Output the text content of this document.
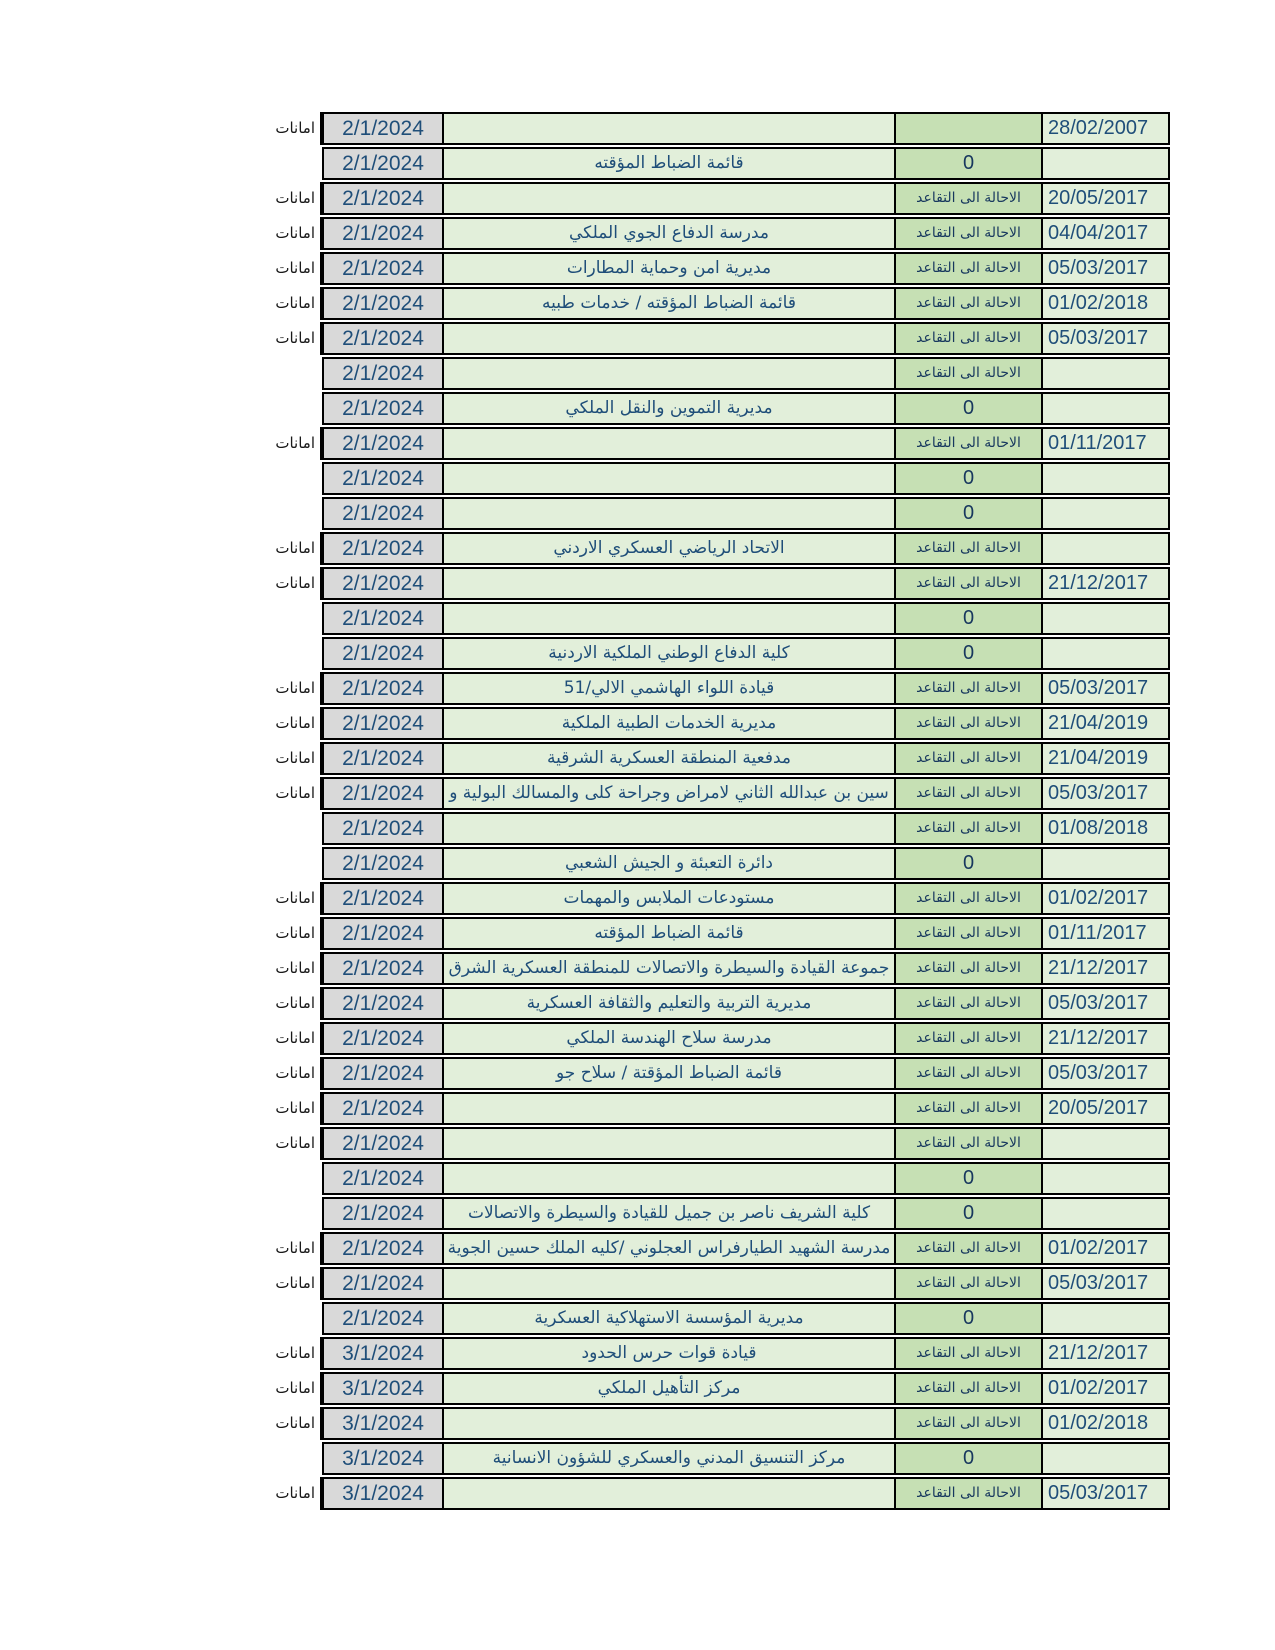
امانات	2/1/2024			28/02/2007
	2/1/2024	قائمة الضباط المؤقته	0	
امانات	2/1/2024		الاحالة الى التقاعد	20/05/2017
امانات	2/1/2024	مدرسة الدفاع الجوي الملكي	الاحالة الى التقاعد	04/04/2017
امانات	2/1/2024	مديرية امن وحماية المطارات	الاحالة الى التقاعد	05/03/2017
امانات	2/1/2024	قائمة الضباط المؤقته / خدمات طبيه	الاحالة الى التقاعد	01/02/2018
امانات	2/1/2024		الاحالة الى التقاعد	05/03/2017
	2/1/2024		الاحالة الى التقاعد	
	2/1/2024	مديرية التموين والنقل الملكي	0	
امانات	2/1/2024		الاحالة الى التقاعد	01/11/2017
	2/1/2024		0	
	2/1/2024		0	
امانات	2/1/2024	الاتحاد الرياضي العسكري الاردني	الاحالة الى التقاعد	
امانات	2/1/2024		الاحالة الى التقاعد	21/12/2017
	2/1/2024		0	
	2/1/2024	كلية الدفاع الوطني الملكية الاردنية	0	
امانات	2/1/2024	قيادة اللواء الهاشمي الالي/51	الاحالة الى التقاعد	05/03/2017
امانات	2/1/2024	مديرية الخدمات الطبية الملكية	الاحالة الى التقاعد	21/04/2019
امانات	2/1/2024	مدفعية المنطقة العسكرية الشرقية	الاحالة الى التقاعد	21/04/2019
امانات	2/1/2024	سين بن عبدالله الثاني لامراض وجراحة كلى والمسالك البولية و	الاحالة الى التقاعد	05/03/2017
	2/1/2024		الاحالة الى التقاعد	01/08/2018
	2/1/2024	دائرة التعبئة و الجيش الشعبي	0	
امانات	2/1/2024	مستودعات الملابس والمهمات	الاحالة الى التقاعد	01/02/2017
امانات	2/1/2024	قائمة الضباط المؤقته	الاحالة الى التقاعد	01/11/2017
امانات	2/1/2024	جموعة القيادة والسيطرة والاتصالات للمنطقة العسكرية الشرق	الاحالة الى التقاعد	21/12/2017
امانات	2/1/2024	مديرية التربية والتعليم والثقافة العسكرية	الاحالة الى التقاعد	05/03/2017
امانات	2/1/2024	مدرسة سلاح الهندسة الملكي	الاحالة الى التقاعد	21/12/2017
امانات	2/1/2024	قائمة الضباط المؤقتة / سلاح جو	الاحالة الى التقاعد	05/03/2017
امانات	2/1/2024		الاحالة الى التقاعد	20/05/2017
امانات	2/1/2024		الاحالة الى التقاعد	
	2/1/2024		0	
	2/1/2024	كلية الشريف ناصر بن جميل للقيادة والسيطرة والاتصالات	0	
امانات	2/1/2024	مدرسة الشهيد الطيارفراس العجلوني /كليه الملك حسين الجوية	الاحالة الى التقاعد	01/02/2017
امانات	2/1/2024		الاحالة الى التقاعد	05/03/2017
	2/1/2024	مديرية المؤسسة الاستهلاكية العسكرية	0	
امانات	3/1/2024	قيادة قوات حرس الحدود	الاحالة الى التقاعد	21/12/2017
امانات	3/1/2024	مركز التأهيل الملكي	الاحالة الى التقاعد	01/02/2017
امانات	3/1/2024		الاحالة الى التقاعد	01/02/2018
	3/1/2024	مركز التنسيق المدني والعسكري للشؤون الانسانية	0	
امانات	3/1/2024		الاحالة الى التقاعد	05/03/2017
